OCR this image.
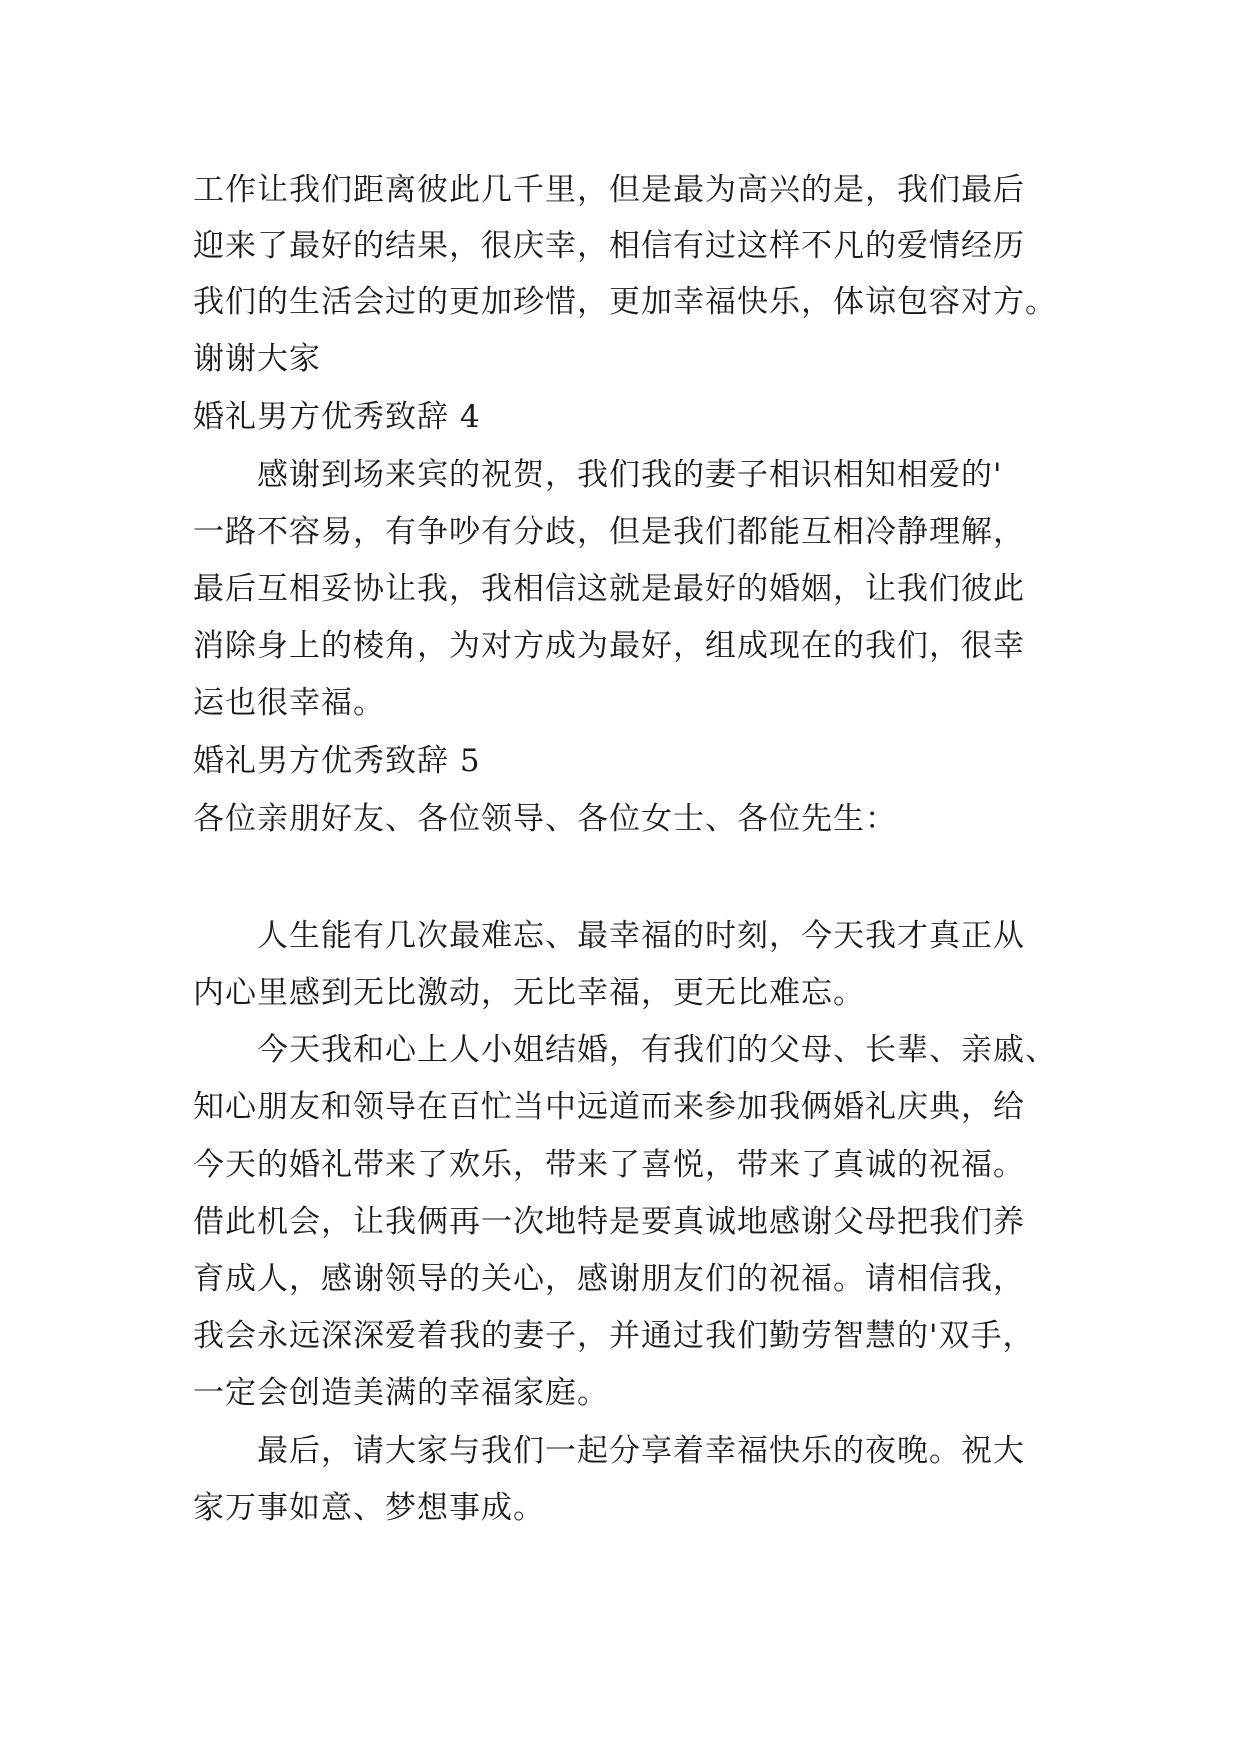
工作让我们距离彼此几千里，但是最为高兴的是，我们最后
迎来了最好的结果，很庆幸，相信有过这样不凡的爱情经历
我们的生活会过的更加珍惜，更加幸福快乐，体谅包容对方。
谢谢大家
婚礼男方优秀致辞 4
感谢到场来宾的祝贺，我们我的妻子相识相知相爱的'
一路不容易，有争吵有分歧，但是我们都能互相冷静理解，
最后互相妥协让我，我相信这就是最好的婚姻，让我们彼此
消除身上的棱角，为对方成为最好，组成现在的我们，很幸
运也很幸福。
婚礼男方优秀致辞 5
各位亲朋好友、各位领导、各位女士、各位先生：
人生能有几次最难忘、最幸福的时刻，今天我才真正从
内心里感到无比激动，无比幸福，更无比难忘。
今天我和心上人小姐结婚，有我们的父母、长辈、亲戚、
知心朋友和领导在百忙当中远道而来参加我俩婚礼庆典，给
今天的婚礼带来了欢乐，带来了喜悦，带来了真诚的祝福。
借此机会，让我俩再一次地特是要真诚地感谢父母把我们养
育成人，感谢领导的关心，感谢朋友们的祝福。请相信我，
我会永远深深爱着我的妻子，并通过我们勤劳智慧的'双手，
一定会创造美满的幸福家庭。
最后，请大家与我们一起分享着幸福快乐的夜晚。祝大
家万事如意、梦想事成。
